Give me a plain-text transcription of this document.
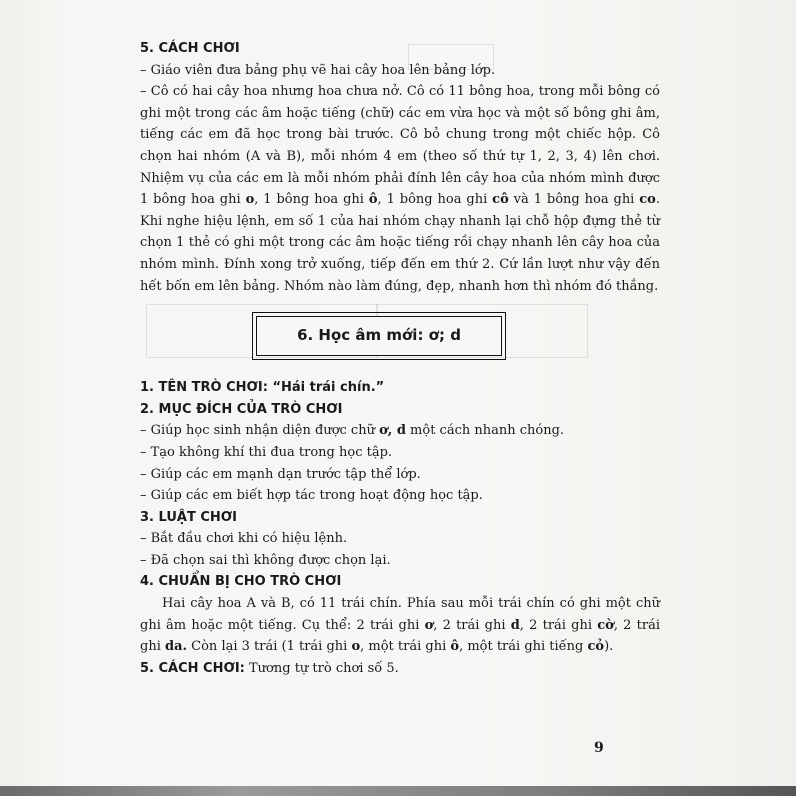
5. CÁCH CHƠI

– Giáo viên đưa bảng phụ vẽ hai cây hoa lên bảng lớp.

– Cô có hai cây hoa nhưng hoa chưa nở. Cô có 11 bông hoa, trong mỗi bông có ghi một trong các âm hoặc tiếng (chữ) các em vừa học và một số bông ghi âm, tiếng các em đã học trong bài trước. Cô bỏ chung trong một chiếc hộp. Cô chọn hai nhóm (A và B), mỗi nhóm 4 em (theo số thứ tự 1, 2, 3, 4) lên chơi. Nhiệm vụ của các em là mỗi nhóm phải đính lên cây hoa của nhóm mình được 1 bông hoa ghi o, 1 bông hoa ghi ô, 1 bông hoa ghi cô và 1 bông hoa ghi co. Khi nghe hiệu lệnh, em số 1 của hai nhóm chạy nhanh lại chỗ hộp đựng thẻ từ chọn 1 thẻ có ghi một trong các âm hoặc tiếng rồi chạy nhanh lên cây hoa của nhóm mình. Đính xong trở xuống, tiếp đến em thứ 2. Cứ lần lượt như vậy đến hết bốn em lên bảng. Nhóm nào làm đúng, đẹp, nhanh hơn thì nhóm đó thắng.

6. Học âm mới: ơ; d

1. TÊN TRÒ CHƠI: “Hái trái chín.”

2. MỤC ĐÍCH CỦA TRÒ CHƠI

– Giúp học sinh nhận diện được chữ ơ, d một cách nhanh chóng.

– Tạo không khí thi đua trong học tập.

– Giúp các em mạnh dạn trước tập thể lớp.

– Giúp các em biết hợp tác trong hoạt động học tập.

3. LUẬT CHƠI

– Bắt đầu chơi khi có hiệu lệnh.

– Đã chọn sai thì không được chọn lại.

4. CHUẨN BỊ CHO TRÒ CHƠI

Hai cây hoa A và B, có 11 trái chín. Phía sau mỗi trái chín có ghi một chữ ghi âm hoặc một tiếng. Cụ thể: 2 trái ghi ơ, 2 trái ghi d, 2 trái ghi cờ, 2 trái ghi da. Còn lại 3 trái (1 trái ghi o, một trái ghi ô, một trái ghi tiếng cỏ).

5. CÁCH CHƠI: Tương tự trò chơi số 5.

9
